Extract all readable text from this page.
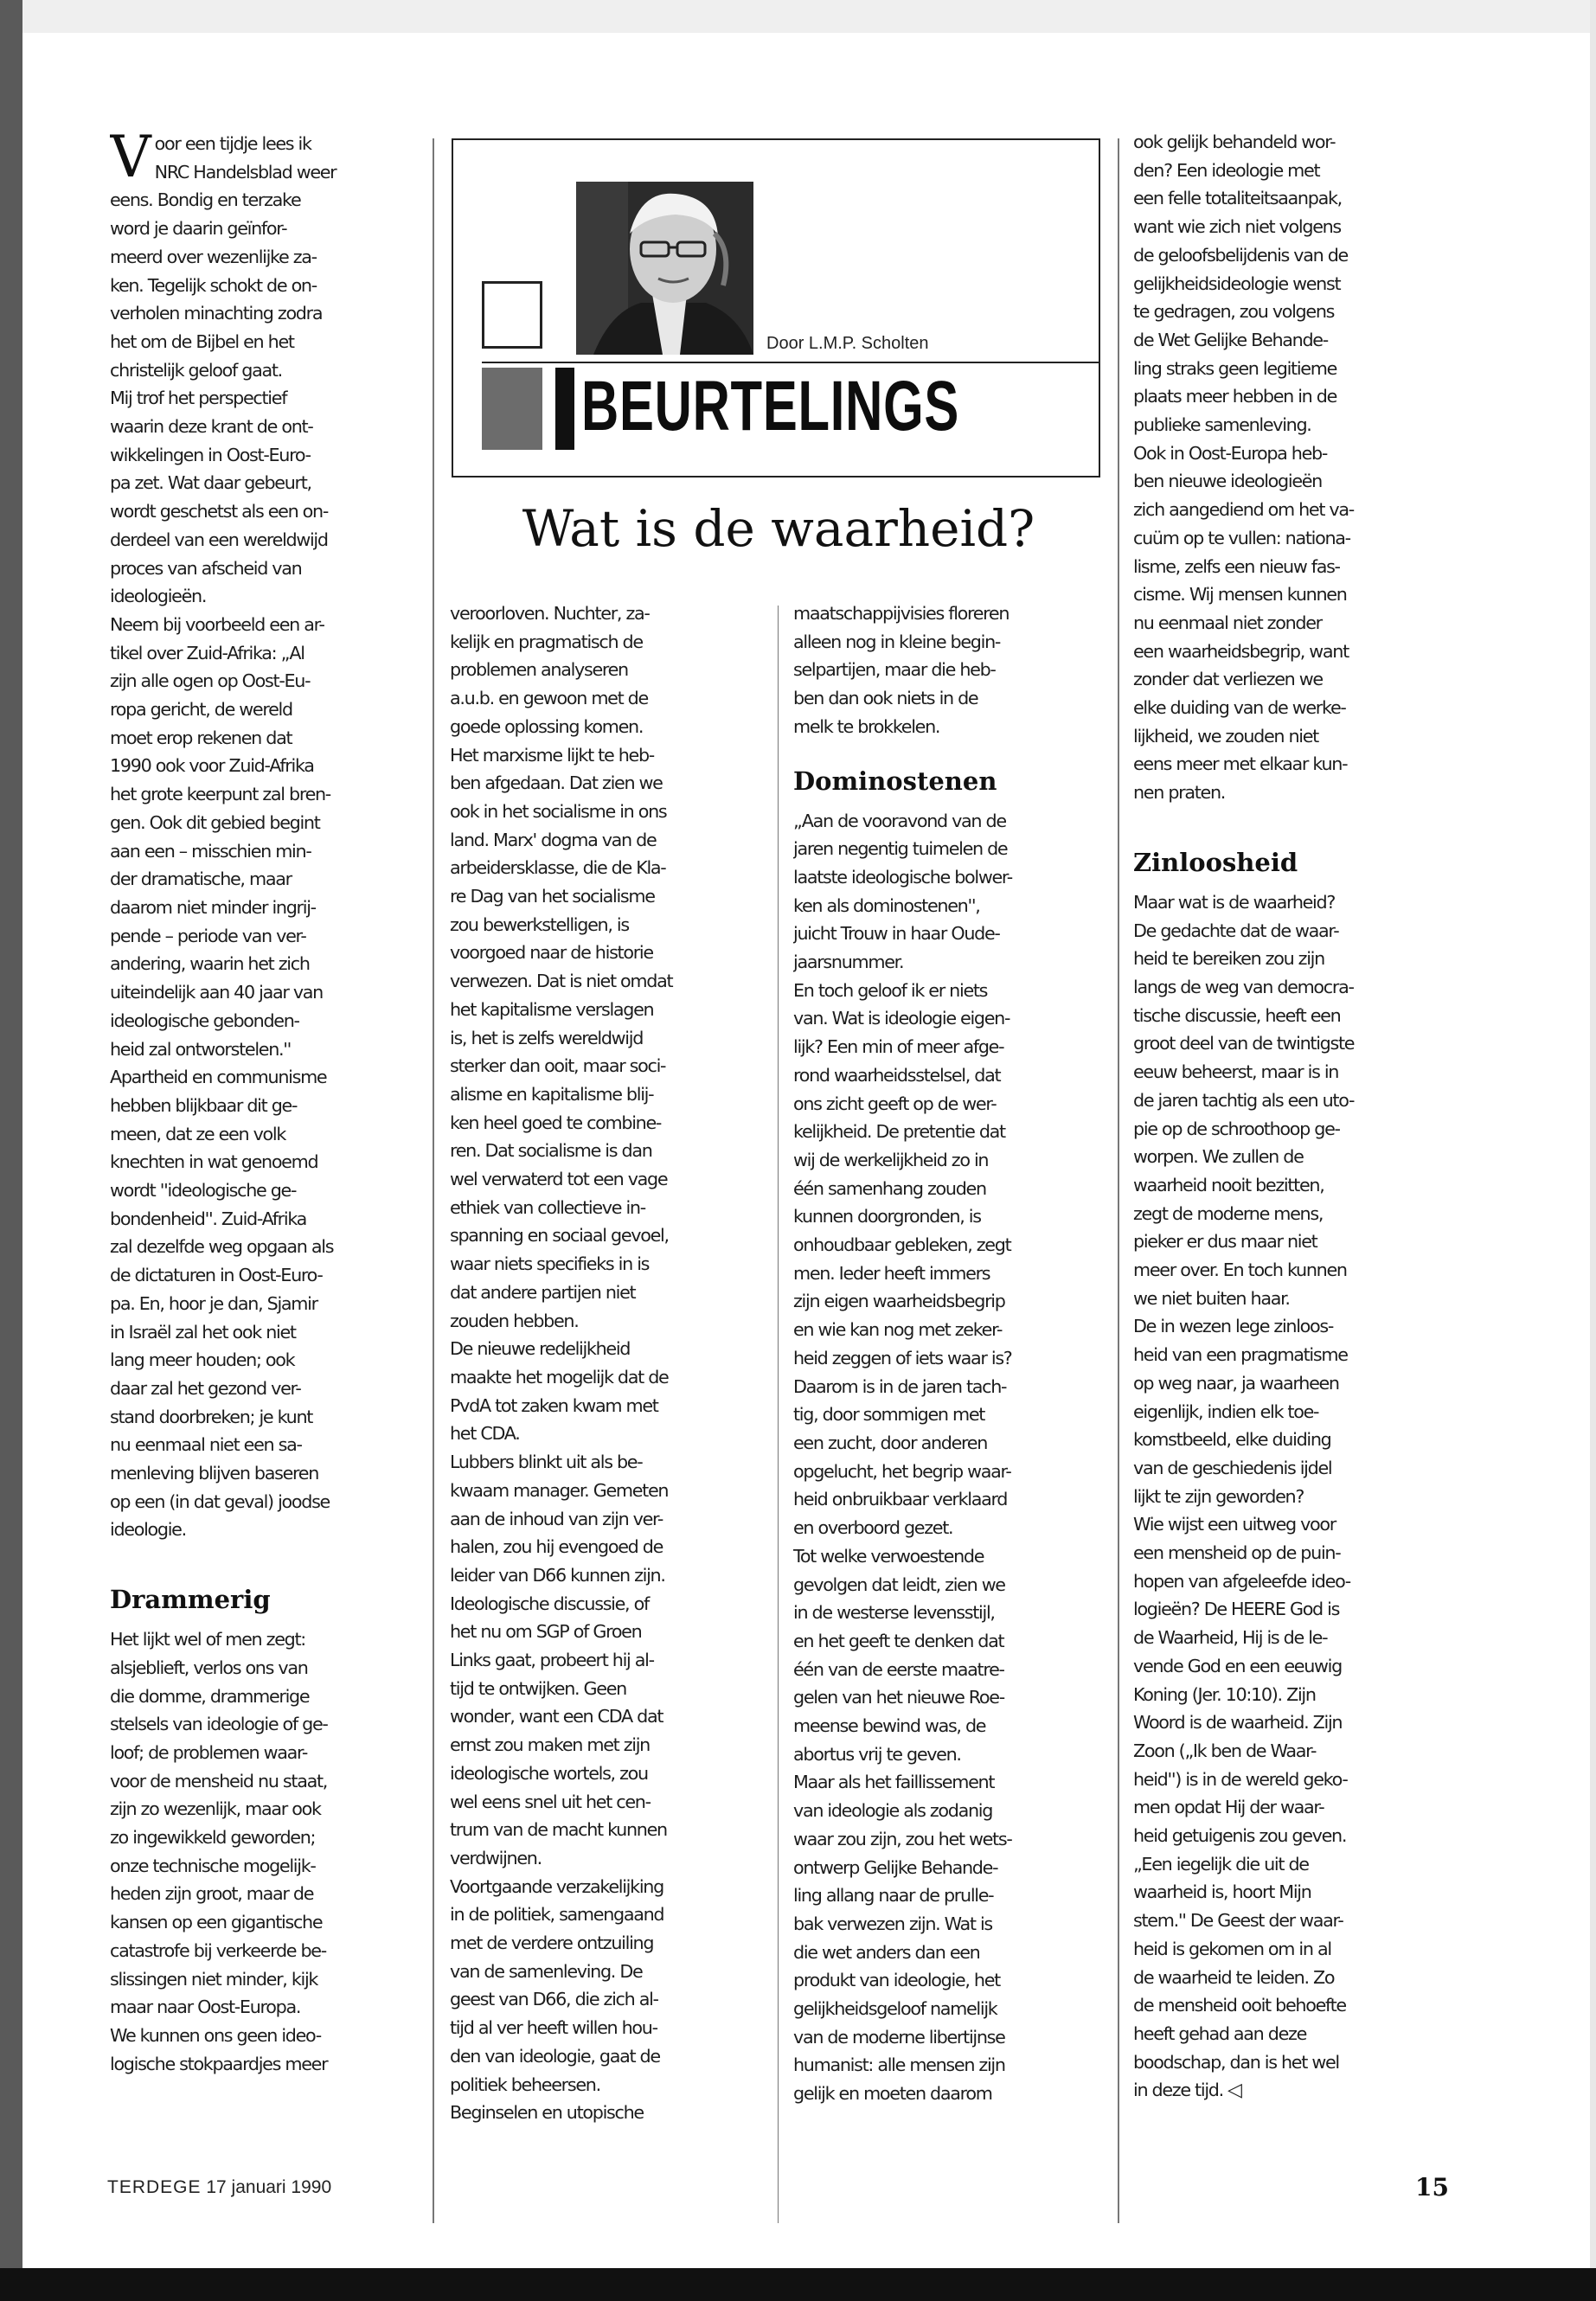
Door L.M.P. Scholten
BEURTELINGS
Wat is de waarheid?

Voor een tijdje lees ik
NRC Handelsblad weer
eens. Bondig en terzake
word je daarin geïnfor-
meerd over wezenlijke za-
ken. Tegelijk schokt de on-
verholen minachting zodra
het om de Bijbel en het
christelijk geloof gaat.

Mij trof het perspectief
waarin deze krant de ont-
wikkelingen in Oost-Euro-
pa zet. Wat daar gebeurt,
wordt geschetst als een on-
derdeel van een wereldwijd
proces van afscheid van
ideologieën.

Neem bij voorbeeld een ar-
tikel over Zuid-Afrika: „Al
zijn alle ogen op Oost-Eu-
ropa gericht, de wereld
moet erop rekenen dat
1990 ook voor Zuid-Afrika
het grote keerpunt zal bren-
gen. Ook dit gebied begint
aan een – misschien min-
der dramatische, maar
daarom niet minder ingrij-
pende – periode van ver-
andering, waarin het zich
uiteindelijk aan 40 jaar van
ideologische gebonden-
heid zal ontworstelen.''

Apartheid en communisme
hebben blijkbaar dit ge-
meen, dat ze een volk
knechten in wat genoemd
wordt ''ideologische ge-
bondenheid''. Zuid-Afrika
zal dezelfde weg opgaan als
de dictaturen in Oost-Euro-
pa. En, hoor je dan, Sjamir
in Israël zal het ook niet
lang meer houden; ook
daar zal het gezond ver-
stand doorbreken; je kunt
nu eenmaal niet een sa-
menleving blijven baseren
op een (in dat geval) joodse
ideologie.

Drammerig

Het lijkt wel of men zegt:
alsjeblieft, verlos ons van
die domme, drammerige
stelsels van ideologie of ge-
loof; de problemen waar-
voor de mensheid nu staat,
zijn zo wezenlijk, maar ook
zo ingewikkeld geworden;
onze technische mogelijk-
heden zijn groot, maar de
kansen op een gigantische
catastrofe bij verkeerde be-
slissingen niet minder, kijk
maar naar Oost-Europa.
We kunnen ons geen ideo-
logische stokpaardjes meer

veroorloven. Nuchter, za-
kelijk en pragmatisch de
problemen analyseren
a.u.b. en gewoon met de
goede oplossing komen.
Het marxisme lijkt te heb-
ben afgedaan. Dat zien we
ook in het socialisme in ons
land. Marx' dogma van de
arbeidersklasse, die de Kla-
re Dag van het socialisme
zou bewerkstelligen, is
voorgoed naar de historie
verwezen. Dat is niet omdat
het kapitalisme verslagen
is, het is zelfs wereldwijd
sterker dan ooit, maar soci-
alisme en kapitalisme blij-
ken heel goed te combine-
ren. Dat socialisme is dan
wel verwaterd tot een vage
ethiek van collectieve in-
spanning en sociaal gevoel,
waar niets specifieks in is
dat andere partijen niet
zouden hebben.

De nieuwe redelijkheid
maakte het mogelijk dat de
PvdA tot zaken kwam met
het CDA.

Lubbers blinkt uit als be-
kwaam manager. Gemeten
aan de inhoud van zijn ver-
halen, zou hij evengoed de
leider van D66 kunnen zijn.
Ideologische discussie, of
het nu om SGP of Groen
Links gaat, probeert hij al-
tijd te ontwijken. Geen
wonder, want een CDA dat
ernst zou maken met zijn
ideologische wortels, zou
wel eens snel uit het cen-
trum van de macht kunnen
verdwijnen.

Voortgaande verzakelijking
in de politiek, samengaand
met de verdere ontzuiling
van de samenleving. De
geest van D66, die zich al-
tijd al ver heeft willen hou-
den van ideologie, gaat de
politiek beheersen.

Beginselen en utopische

maatschappijvisies floreren
alleen nog in kleine begin-
selpartijen, maar die heb-
ben dan ook niets in de
melk te brokkelen.

Dominostenen

„Aan de vooravond van de
jaren negentig tuimelen de
laatste ideologische bolwer-
ken als dominostenen'',
juicht Trouw in haar Oude-
jaarsnummer.

En toch geloof ik er niets
van. Wat is ideologie eigen-
lijk? Een min of meer afge-
rond waarheidsstelsel, dat
ons zicht geeft op de wer-
kelijkheid. De pretentie dat
wij de werkelijkheid zo in
één samenhang zouden
kunnen doorgronden, is
onhoudbaar gebleken, zegt
men. Ieder heeft immers
zijn eigen waarheidsbegrip
en wie kan nog met zeker-
heid zeggen of iets waar is?
Daarom is in de jaren tach-
tig, door sommigen met
een zucht, door anderen
opgelucht, het begrip waar-
heid onbruikbaar verklaard
en overboord gezet.

Tot welke verwoestende
gevolgen dat leidt, zien we
in de westerse levensstijl,
en het geeft te denken dat
één van de eerste maatre-
gelen van het nieuwe Roe-
meense bewind was, de
abortus vrij te geven.

Maar als het faillissement
van ideologie als zodanig
waar zou zijn, zou het wets-
ontwerp Gelijke Behande-
ling allang naar de prulle-
bak verwezen zijn. Wat is
die wet anders dan een
produkt van ideologie, het
gelijkheidsgeloof namelijk
van de moderne libertijnse
humanist: alle mensen zijn
gelijk en moeten daarom

ook gelijk behandeld wor-
den? Een ideologie met
een felle totaliteitsaanpak,
want wie zich niet volgens
de geloofsbelijdenis van de
gelijkheidsideologie wenst
te gedragen, zou volgens
de Wet Gelijke Behande-
ling straks geen legitieme
plaats meer hebben in de
publieke samenleving.

Ook in Oost-Europa heb-
ben nieuwe ideologieën
zich aangediend om het va-
cuüm op te vullen: nationa-
lisme, zelfs een nieuw fas-
cisme. Wij mensen kunnen
nu eenmaal niet zonder
een waarheidsbegrip, want
zonder dat verliezen we
elke duiding van de werke-
lijkheid, we zouden niet
eens meer met elkaar kun-
nen praten.

Zinloosheid

Maar wat is de waarheid?
De gedachte dat de waar-
heid te bereiken zou zijn
langs de weg van democra-
tische discussie, heeft een
groot deel van de twintigste
eeuw beheerst, maar is in
de jaren tachtig als een uto-
pie op de schroothoop ge-
worpen. We zullen de
waarheid nooit bezitten,
zegt de moderne mens,
pieker er dus maar niet
meer over. En toch kunnen
we niet buiten haar.

De in wezen lege zinloos-
heid van een pragmatisme
op weg naar, ja waarheen
eigenlijk, indien elk toe-
komstbeeld, elke duiding
van de geschiedenis ijdel
lijkt te zijn geworden?

Wie wijst een uitweg voor
een mensheid op de puin-
hopen van afgeleefde ideo-
logieën? De HEERE God is
de Waarheid, Hij is de le-
vende God en een eeuwig
Koning (Jer. 10:10). Zijn
Woord is de waarheid. Zijn
Zoon („Ik ben de Waar-
heid'') is in de wereld geko-
men opdat Hij der waar-
heid getuigenis zou geven.
„Een iegelijk die uit de
waarheid is, hoort Mijn
stem.'' De Geest der waar-
heid is gekomen om in al
de waarheid te leiden. Zo
de mensheid ooit behoefte
heeft gehad aan deze
boodschap, dan is het wel
in deze tijd. ◁

TERDEGE 17 januari 1990	15
